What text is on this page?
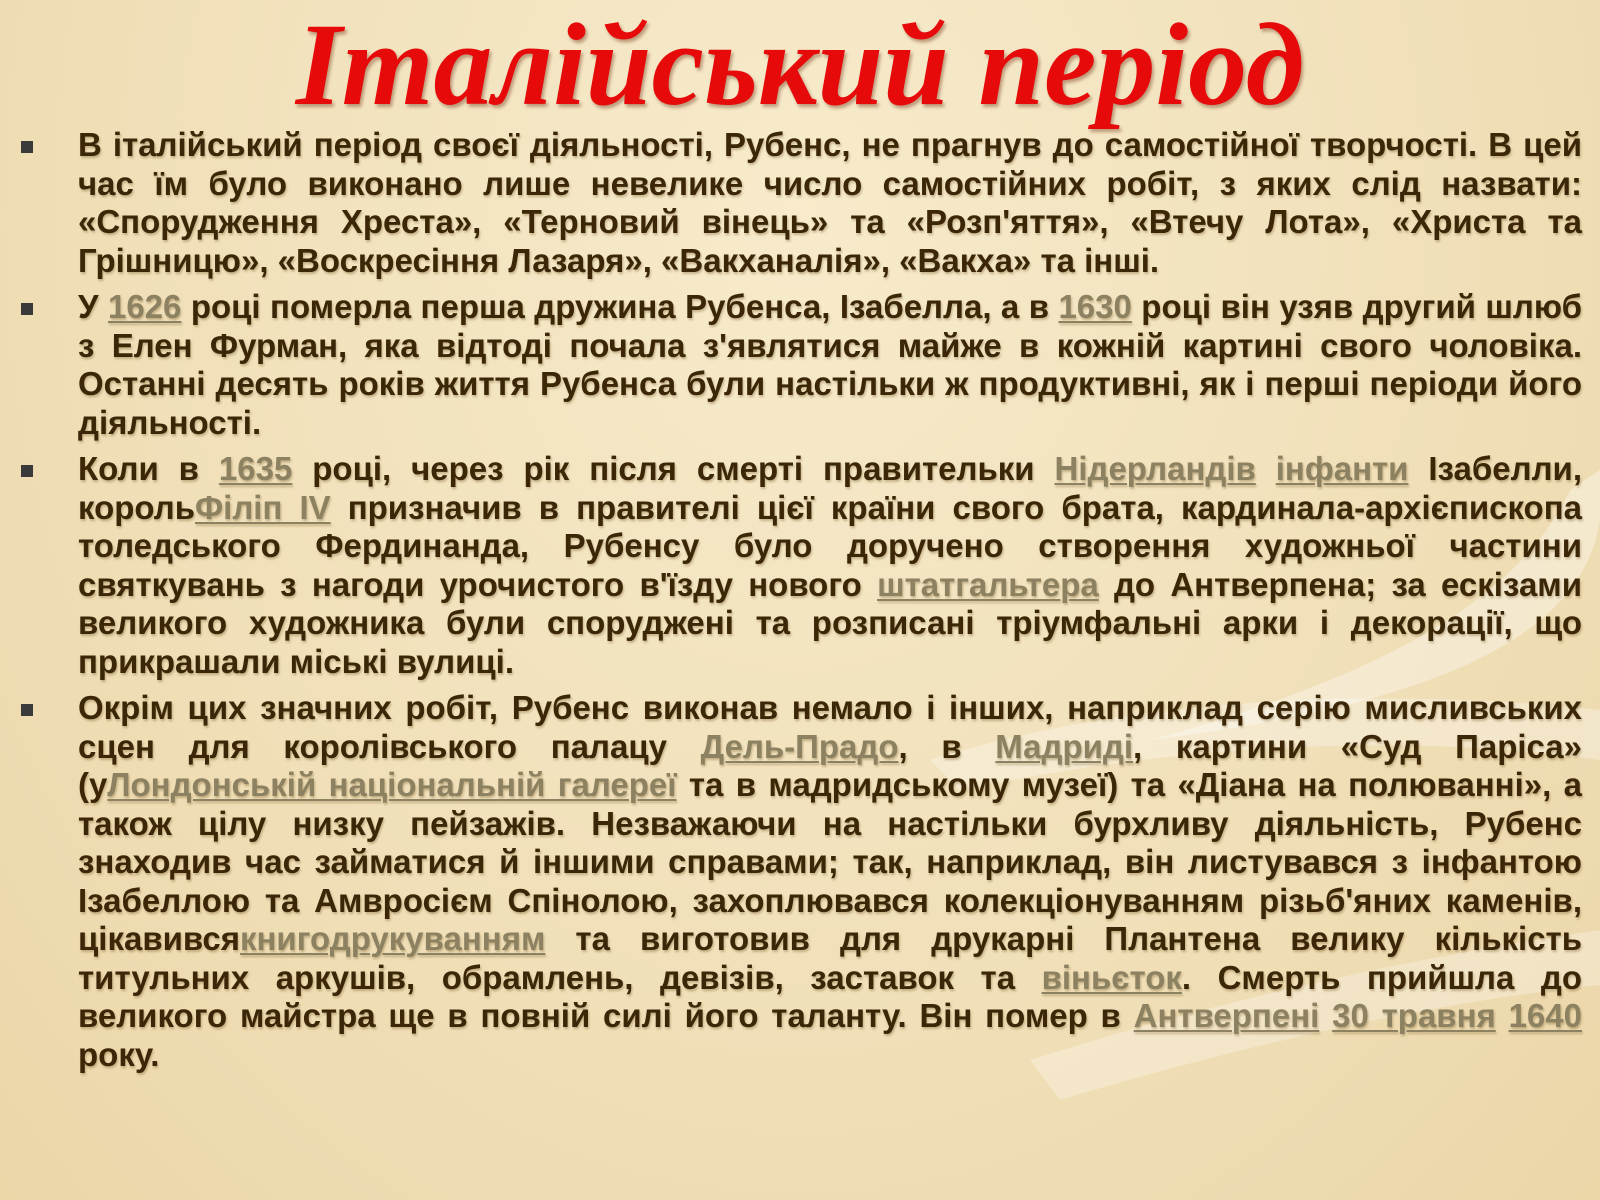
Італійський період
В італійський період своєї діяльності, Рубенс, не прагнув до самостійної творчості. В цей час їм було виконано лише невелике число самостійних робіт, з яких слід назвати: «Спорудження Хреста», «Терновий вінець» та «Розп'яття», «Втечу Лота», «Христа та Грішницю», «Воскресіння Лазаря», «Вакханалія», «Вакха» та інші.
У 1626 році померла перша дружина Рубенса, Ізабелла, а в 1630 році він узяв другий шлюб з Елен Фурман, яка відтоді почала з'являтися майже в кожній картині свого чоловіка. Останні десять років життя Рубенса були настільки ж продуктивні, як і перші періоди його діяльності.
Коли в 1635 році, через рік після смерті правительки Нідерландів інфанти Ізабелли, корольФіліп IV призначив в правителі цієї країни свого брата, кардинала-архієпископа толедського Фердинанда, Рубенсу було доручено створення художньої частини святкувань з нагоди урочистого в'їзду нового штатгальтера до Антверпена; за ескізами великого художника були споруджені та розписані тріумфальні арки і декорації, що прикрашали міські вулиці.
Окрім цих значних робіт, Рубенс виконав немало і інших, наприклад серію мисливських сцен для королівського палацу Дель-Прадо, в Мадриді, картини «Суд Паріса» (уЛондонській національній галереї та в мадридському музеї) та «Діана на полюванні», а також цілу низку пейзажів. Незважаючи на настільки бурхливу діяльність, Рубенс знаходив час займатися й іншими справами; так, наприклад, він листувався з інфантою Ізабеллою та Амвросієм Спінолою, захоплювався колекціонуванням різьб'яних каменів, цікавивсякнигодрукуванням та виготовив для друкарні Плантена велику кількість титульних аркушів, обрамлень, девізів, заставок та віньєток. Смерть прийшла до великого майстра ще в повній силі його таланту. Він помер в Антверпені 30 травня 1640 року.
